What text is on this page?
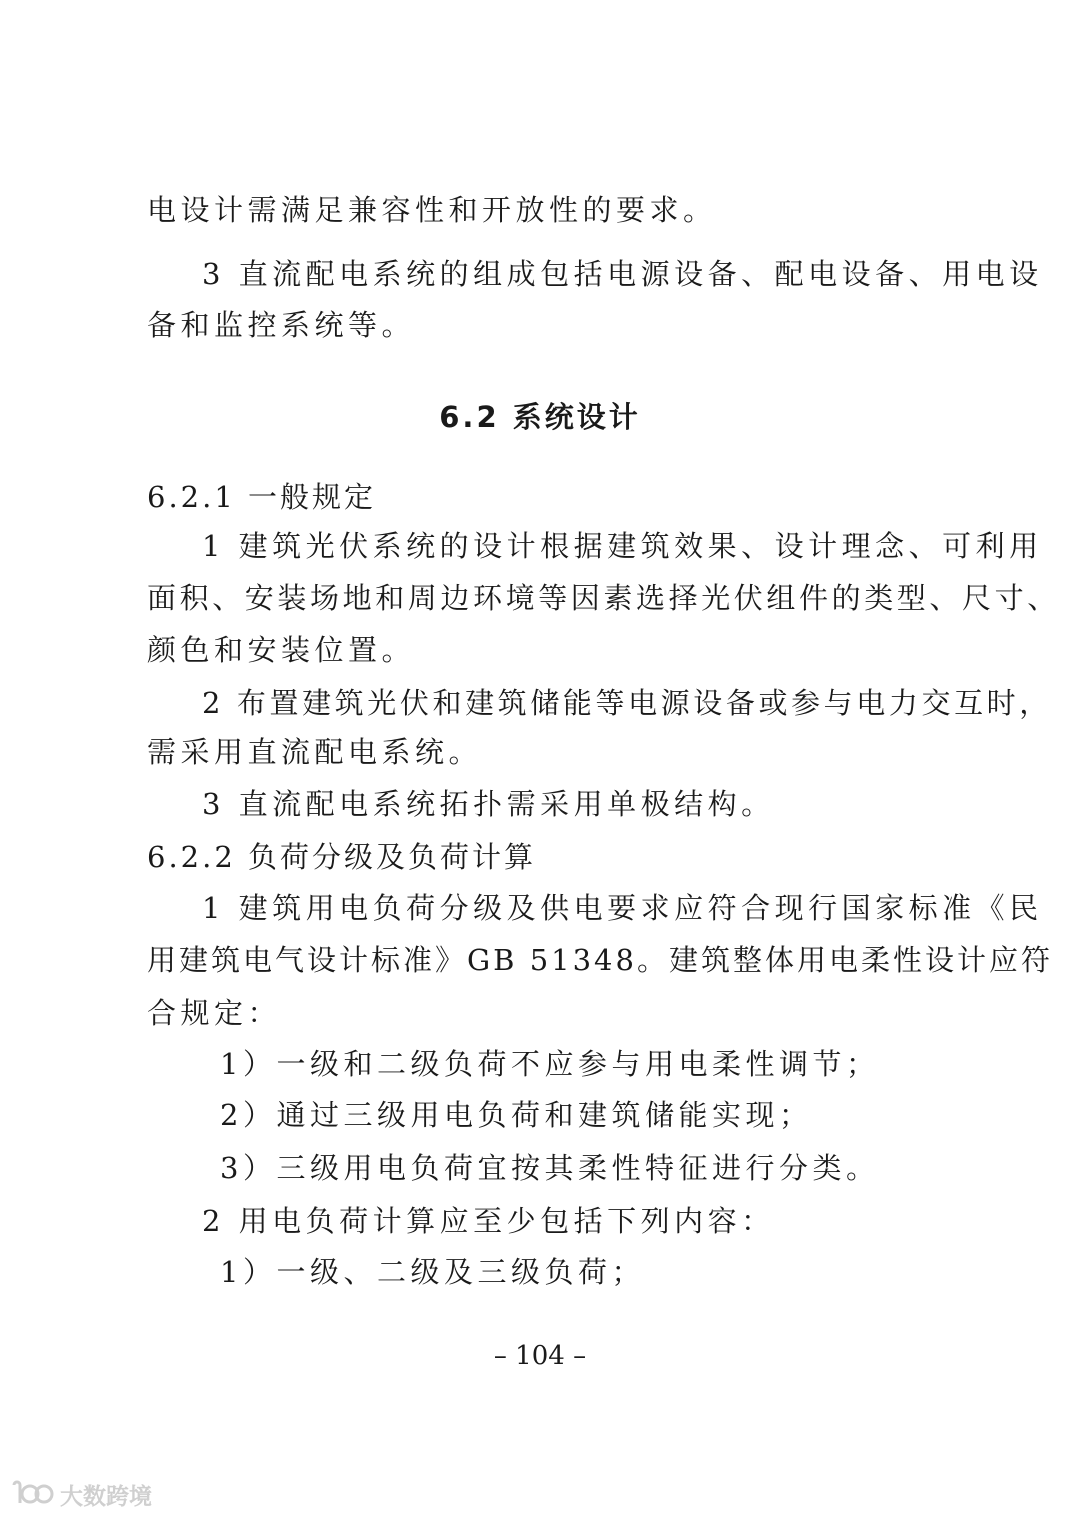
电设计需满足兼容性和开放性的要求。
3 直流配电系统的组成包括电源设备、配电设备、用电设
备和监控系统等。
6.2 系统设计
6.2.1 一般规定
1 建筑光伏系统的设计根据建筑效果、设计理念、可利用
面积、安装场地和周边环境等因素选择光伏组件的类型、尺寸、
颜色和安装位置。
2 布置建筑光伏和建筑储能等电源设备或参与电力交互时，
需采用直流配电系统。
3 直流配电系统拓扑需采用单极结构。
6.2.2 负荷分级及负荷计算
1 建筑用电负荷分级及供电要求应符合现行国家标准《民
用建筑电气设计标准》GB 51348。建筑整体用电柔性设计应符
合规定：
1）一级和二级负荷不应参与用电柔性调节；
2）通过三级用电负荷和建筑储能实现；
3）三级用电负荷宜按其柔性特征进行分类。
2 用电负荷计算应至少包括下列内容：
1）一级、二级及三级负荷；
– 104 –
大数跨境
